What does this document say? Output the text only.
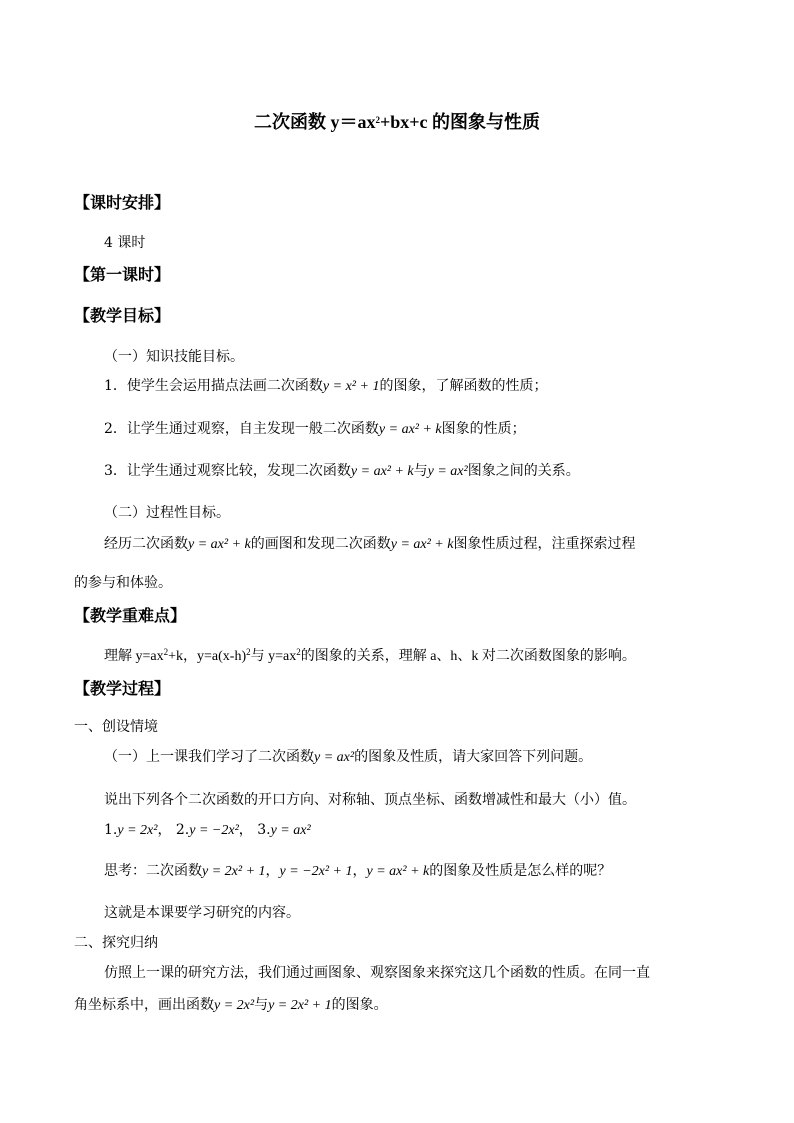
二次函数 $y=ax^2+bx+c$ 的图象与性质
【课时安排】
4 课时
【第一课时】
【教学目标】
（一）知识技能目标。
1．使学生会运用描点法画二次函数y = x² + 1的图象，了解函数的性质；
2．让学生通过观察，自主发现一般二次函数y = ax² + k图象的性质；
3．让学生通过观察比较，发现二次函数y = ax² + k与y = ax²图象之间的关系。
（二）过程性目标。
经历二次函数y = ax² + k的画图和发现二次函数y = ax² + k图象性质过程，注重探索过程
的参与和体验。
【教学重难点】
理解 $y=ax^2+k$，$y=a(x-h)^2$与 $y=ax^2$的图象的关系，理解 a、h、k 对二次函数图象的影响。
【教学过程】
一、创设情境
（一）上一课我们学习了二次函数y = ax²的图象及性质，请大家回答下列问题。
说出下列各个二次函数的开口方向、对称轴、顶点坐标、函数增减性和最大（小）值。
1.y = 2x²， 2.y = −2x²， 3.y = ax²
思考：二次函数y = 2x² + 1，y = −2x² + 1，y = ax² + k的图象及性质是怎么样的呢？
这就是本课要学习研究的内容。
二、探究归纳
仿照上一课的研究方法，我们通过画图象、观察图象来探究这几个函数的性质。在同一直
角坐标系中，画出函数y = 2x²与y = 2x² + 1的图象。
